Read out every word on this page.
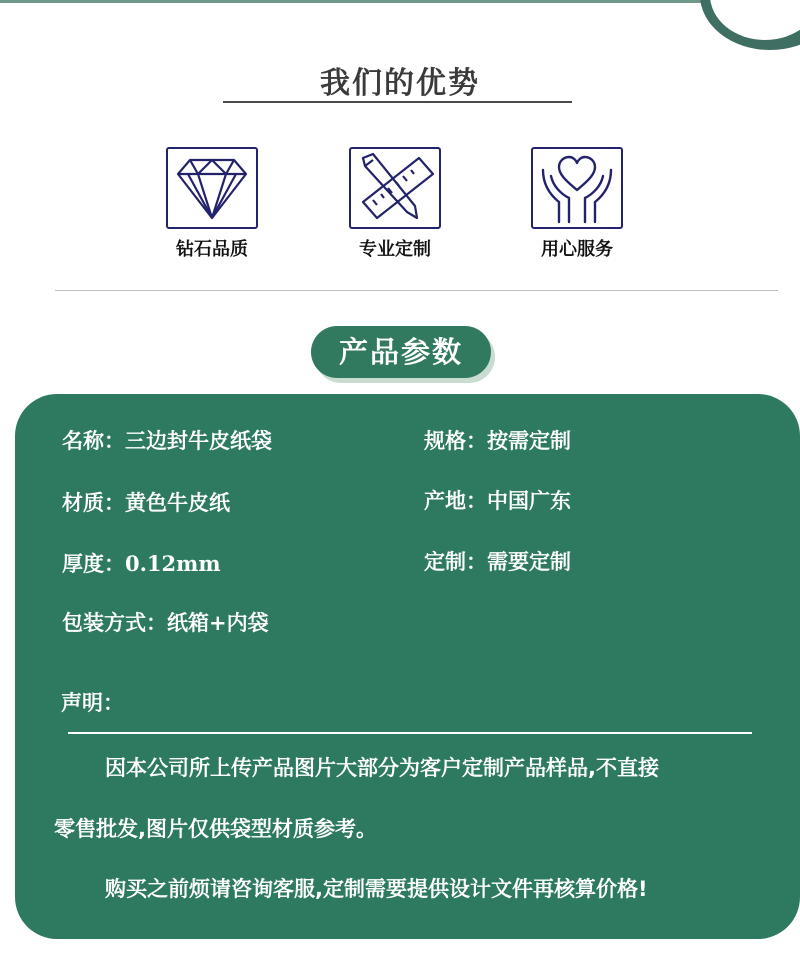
我们的优势
钻石品质	专业定制	用心服务
产品参数
名称：三边封牛皮纸袋	规格：按需定制
材质：黄色牛皮纸	产地：中国广东
厚度：0.12mm	定制：需要定制
包装方式：纸箱+内袋
声明：
因本公司所上传产品图片大部分为客户定制产品样品,不直接
零售批发,图片仅供袋型材质参考。
购买之前烦请咨询客服,定制需要提供设计文件再核算价格!
